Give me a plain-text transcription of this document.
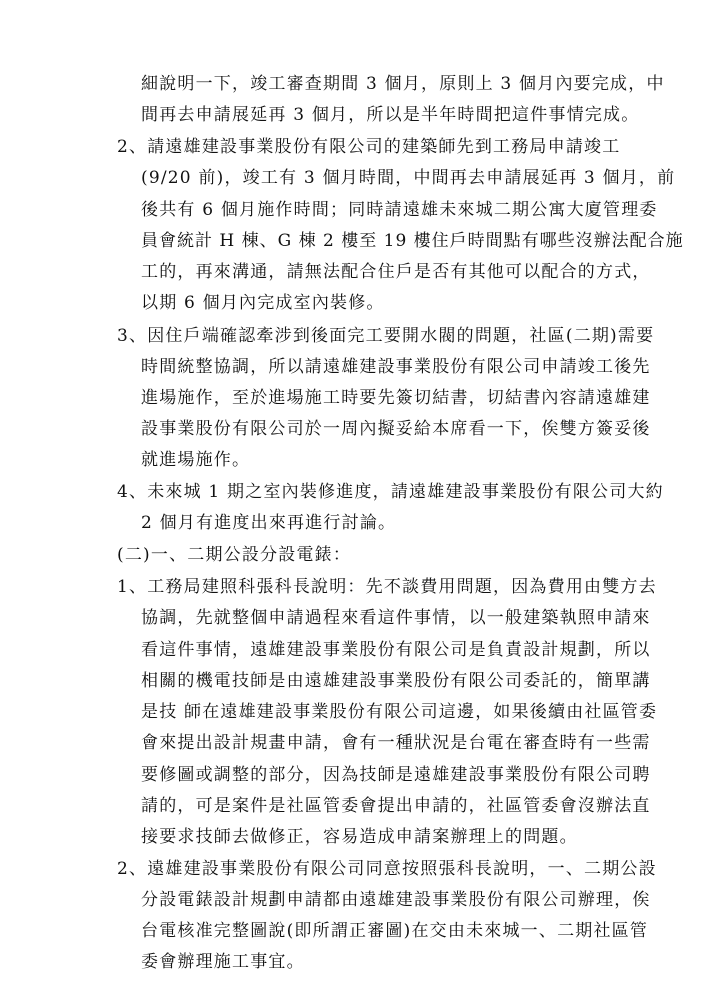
細說明一下，竣工審查期間 3 個月，原則上 3 個月內要完成，中
間再去申請展延再 3 個月，所以是半年時間把這件事情完成。
2、請遠雄建設事業股份有限公司的建築師先到工務局申請竣工
(9/20 前)，竣工有 3 個月時間，中間再去申請展延再 3 個月，前
後共有 6 個月施作時間；同時請遠雄未來城二期公寓大廈管理委
員會統計 H 棟、G 棟 2 樓至 19 樓住戶時間點有哪些沒辦法配合施
工的，再來溝通，請無法配合住戶是否有其他可以配合的方式，
以期 6 個月內完成室內裝修。
3、因住戶端確認牽涉到後面完工要開水閥的問題，社區(二期)需要
時間統整協調，所以請遠雄建設事業股份有限公司申請竣工後先
進場施作，至於進場施工時要先簽切結書，切結書內容請遠雄建
設事業股份有限公司於一周內擬妥給本席看一下，俟雙方簽妥後
就進場施作。
4、未來城 1 期之室內裝修進度，請遠雄建設事業股份有限公司大約
2 個月有進度出來再進行討論。
(二)一、二期公設分設電錶：
1、工務局建照科張科長說明：先不談費用問題，因為費用由雙方去
協調，先就整個申請過程來看這件事情，以一般建築執照申請來
看這件事情，遠雄建設事業股份有限公司是負責設計規劃，所以
相關的機電技師是由遠雄建設事業股份有限公司委託的，簡單講
是技 師在遠雄建設事業股份有限公司這邊，如果後續由社區管委
會來提出設計規畫申請，會有一種狀況是台電在審查時有一些需
要修圖或調整的部分，因為技師是遠雄建設事業股份有限公司聘
請的，可是案件是社區管委會提出申請的，社區管委會沒辦法直
接要求技師去做修正，容易造成申請案辦理上的問題。
2、遠雄建設事業股份有限公司同意按照張科長說明，一、二期公設
分設電錶設計規劃申請都由遠雄建設事業股份有限公司辦理，俟
台電核准完整圖說(即所謂正審圖)在交由未來城一、二期社區管
委會辦理施工事宜。
